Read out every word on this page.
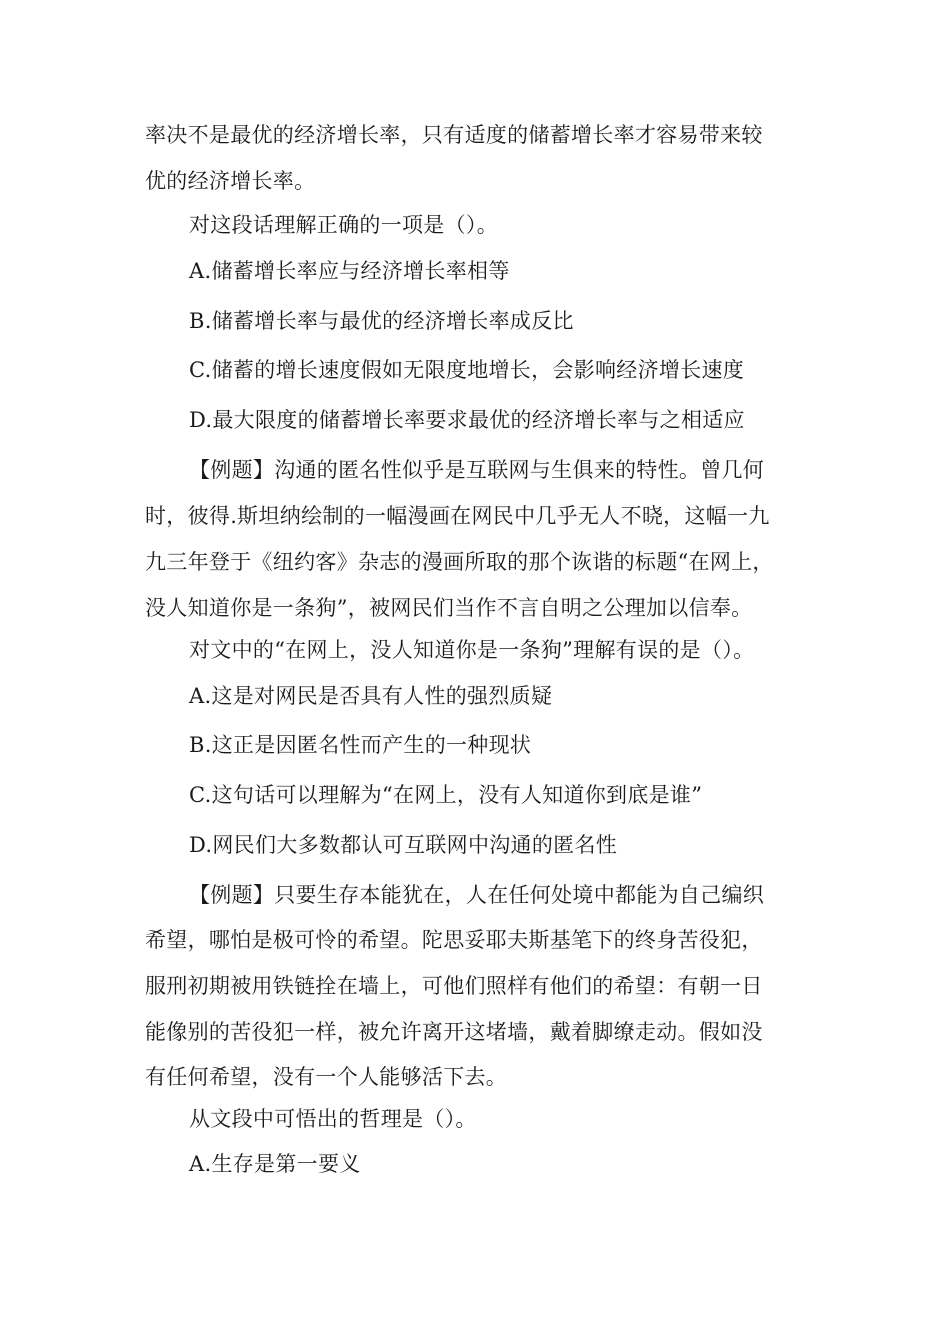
率决不是最优的经济增长率，只有适度的储蓄增长率才容易带来较
优的经济增长率。
对这段话理解正确的一项是（）。
A.储蓄增长率应与经济增长率相等
B.储蓄增长率与最优的经济增长率成反比
C.储蓄的增长速度假如无限度地增长，会影响经济增长速度
D.最大限度的储蓄增长率要求最优的经济增长率与之相适应
【例题】沟通的匿名性似乎是互联网与生俱来的特性。曾几何
时，彼得.斯坦纳绘制的一幅漫画在网民中几乎无人不晓，这幅一九
九三年登于《纽约客》杂志的漫画所取的那个诙谐的标题“在网上，
没人知道你是一条狗”，被网民们当作不言自明之公理加以信奉。
对文中的“在网上，没人知道你是一条狗”理解有误的是（）。
A.这是对网民是否具有人性的强烈质疑
B.这正是因匿名性而产生的一种现状
C.这句话可以理解为“在网上，没有人知道你到底是谁”
D.网民们大多数都认可互联网中沟通的匿名性
【例题】只要生存本能犹在，人在任何处境中都能为自己编织
希望，哪怕是极可怜的希望。陀思妥耶夫斯基笔下的终身苦役犯，
服刑初期被用铁链拴在墙上，可他们照样有他们的希望：有朝一日
能像别的苦役犯一样，被允许离开这堵墙，戴着脚缭走动。假如没
有任何希望，没有一个人能够活下去。
从文段中可悟出的哲理是（）。
A.生存是第一要义
